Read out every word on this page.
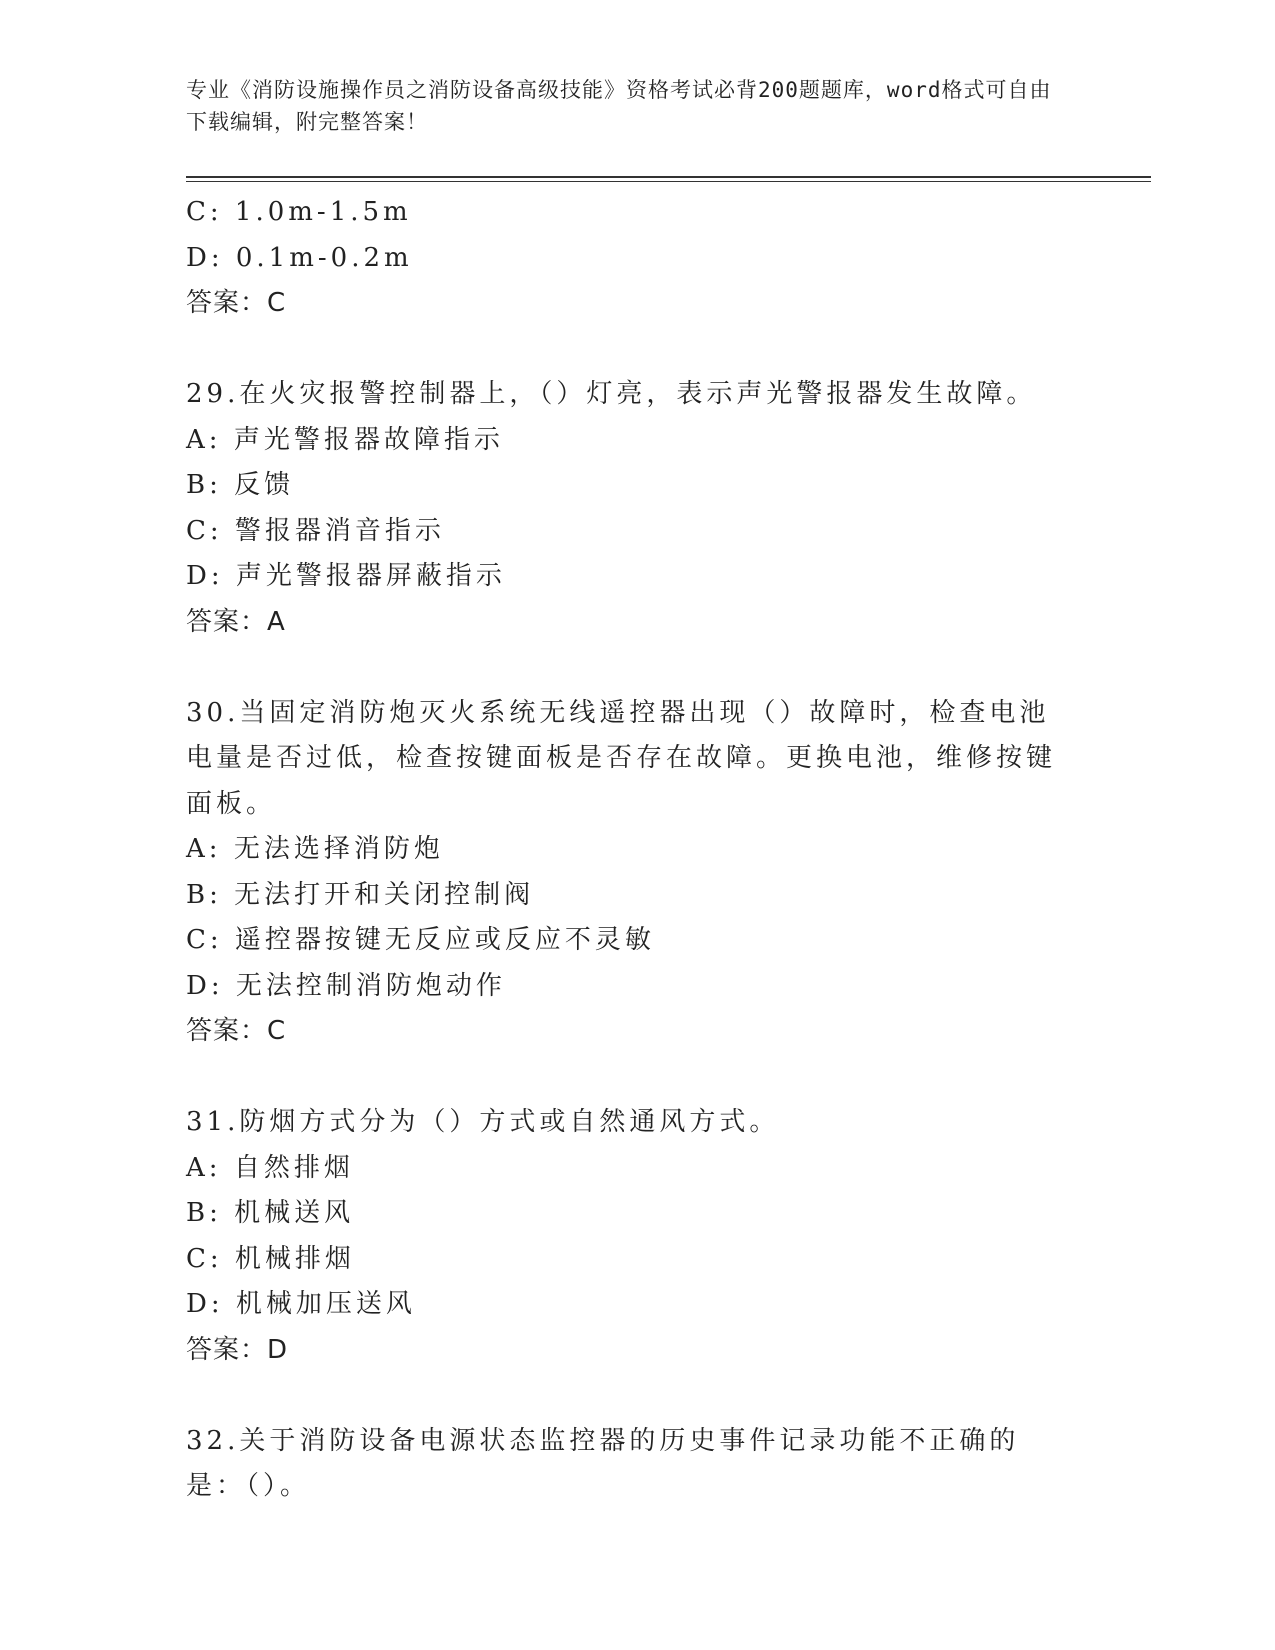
专业《消防设施操作员之消防设备高级技能》资格考试必背200题题库，word格式可自由下载编辑，附完整答案！
C: 1.0m-1.5m
D: 0.1m-0.2m
答案：C
29.在火灾报警控制器上，（）灯亮，表示声光警报器发生故障。
A: 声光警报器故障指示
B: 反馈
C: 警报器消音指示
D: 声光警报器屏蔽指示
答案：A
30.当固定消防炮灭火系统无线遥控器出现（）故障时，检查电池电量是否过低，检查按键面板是否存在故障。更换电池，维修按键面板。
A: 无法选择消防炮
B: 无法打开和关闭控制阀
C: 遥控器按键无反应或反应不灵敏
D: 无法控制消防炮动作
答案：C
31.防烟方式分为（）方式或自然通风方式。
A: 自然排烟
B: 机械送风
C: 机械排烟
D: 机械加压送风
答案：D
32.关于消防设备电源状态监控器的历史事件记录功能不正确的是：（）。
